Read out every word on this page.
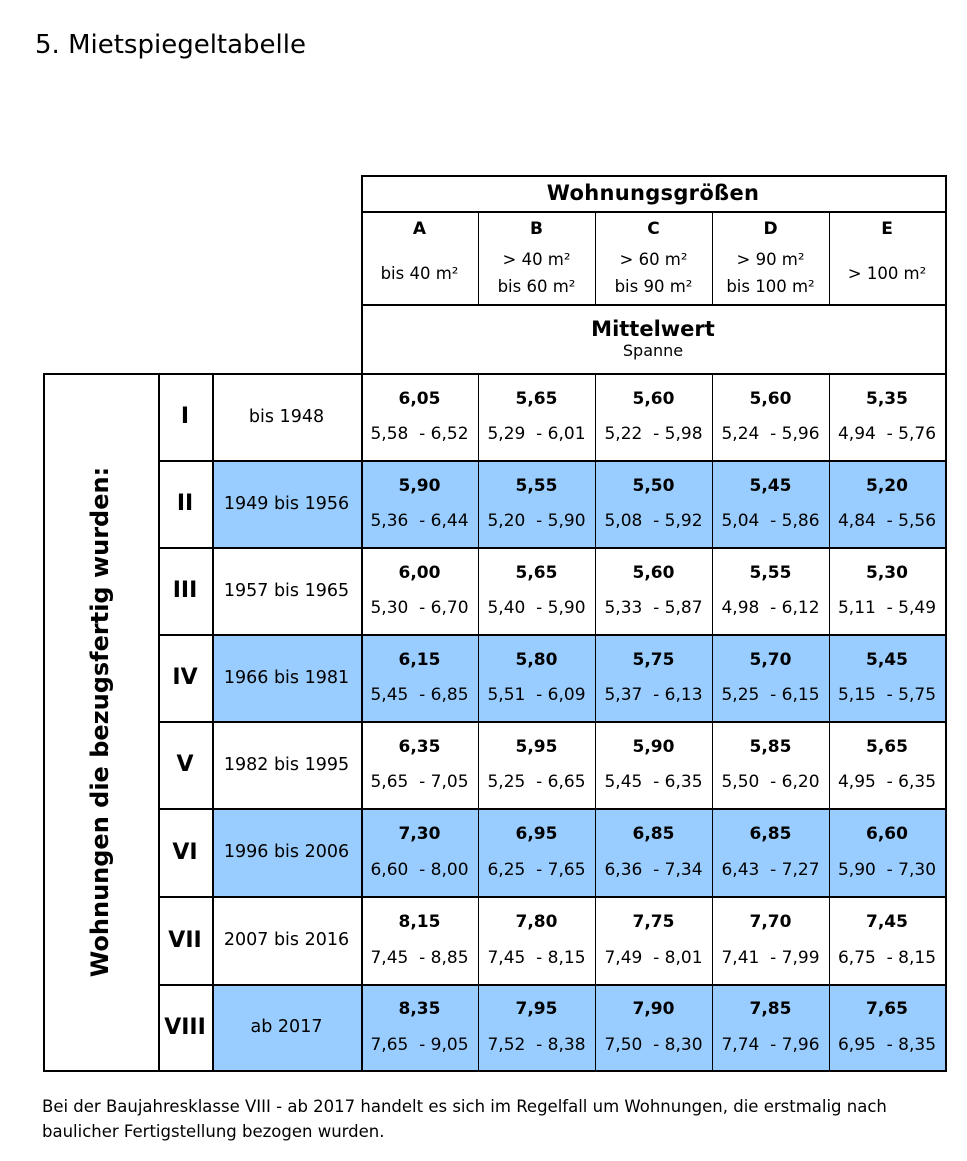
5. Mietspiegeltabelle
Wohnungen die bezugsfertig wurden:
Wohnungsgrößen
A
bis 40 m²
B
> 40 m²
bis 60 m²
C
> 60 m²
bis 90 m²
D
> 90 m²
bis 100 m²
E
> 100 m²
Mittelwert
Spanne
I	bis 1948
6,05
5,58  - 6,52
5,65
5,29  - 6,01
5,60
5,22  - 5,98
5,60
5,24  - 5,96
5,35
4,94  - 5,76
II 1949 bis 1956
5,90
5,36  - 6,44
5,55
5,20  - 5,90
5,50
5,08  - 5,92
5,45
5,04  - 5,86
5,20
4,84  - 5,56
III 1957 bis 1965
6,00
5,30  - 6,70
5,65
5,40  - 5,90
5,60
5,33  - 5,87
5,55
4,98  - 6,12
5,30
5,11  - 5,49
IV 1966 bis 1981
6,15
5,45  - 6,85
5,80
5,51  - 6,09
5,75
5,37  - 6,13
5,70
5,25  - 6,15
5,45
5,15  - 5,75
V 1982 bis 1995
6,35
5,65  - 7,05
5,95
5,25  - 6,65
5,90
5,45  - 6,35
5,85
5,50  - 6,20
5,65
4,95  - 6,35
VI 1996 bis 2006
7,30
6,60  - 8,00
6,95
6,25  - 7,65
6,85
6,36  - 7,34
6,85
6,43  - 7,27
6,60
5,90  - 7,30
VII 2007 bis 2016
8,15
7,45  - 8,85
7,80
7,45  - 8,15
7,75
7,49  - 8,01
7,70
7,41  - 7,99
7,45
6,75  - 8,15
VIII	ab 2017
8,35
7,65  - 9,05
7,95
7,52  - 8,38
7,90
7,50  - 8,30
7,85
7,74  - 7,96
7,65
6,95  - 8,35
Bei der Baujahresklasse VIII - ab 2017 handelt es sich im Regelfall um Wohnungen, die erstmalig nach baulicher Fertigstellung bezogen wurden.
